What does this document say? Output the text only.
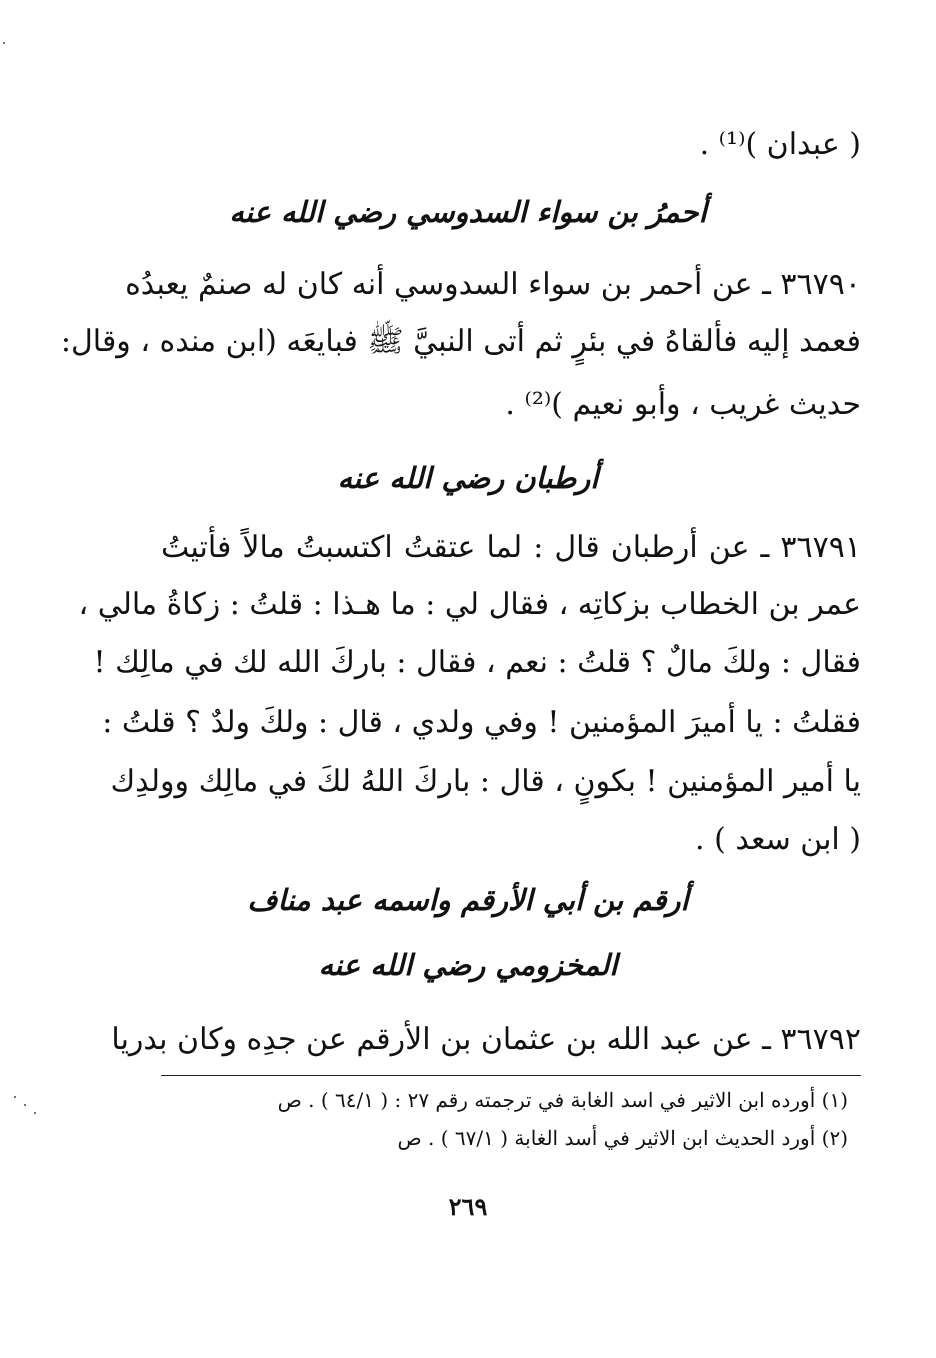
( عبدان )⁽¹⁾ .
أحمرُ بن سواء السدوسي رضي الله عنه
٣٦٧٩٠ ـ عن أحمر بن سواء السدوسي أنه كان له صنمٌ يعبدُه
فعمد إليه فألقاهُ في بئرٍ ثم أتى النبيَّ ﷺ فبايعَه (ابن منده ، وقال:
حديث غريب ، وأبو نعيم )⁽²⁾ .
أرطبان رضي الله عنه
٣٦٧٩١ ـ عن أرطبان قال : لما عتقتُ اكتسبتُ مالاً فأتيتُ
عمر بن الخطاب بزكاتِه ، فقال لي : ما هـذا : قلتُ : زكاةُ مالي ،
فقال : ولكَ مالٌ ؟ قلتُ : نعم ، فقال : باركَ الله لك في مالِك !
فقلتُ : يا أميرَ المؤمنين ! وفي ولدي ، قال : ولكَ ولدٌ ؟ قلتُ :
يا أمير المؤمنين ! بكونٍ ، قال : باركَ اللهُ لكَ في مالِك وولدِك
( ابن سعد ) .
أرقم بن أبي الأرقم واسمه عبد مناف
المخزومي رضي الله عنه
٣٦٧٩٢ ـ عن عبد الله بن عثمان بن الأرقم عن جدِه وكان بدريا
(١) أورده ابن الاثير في اسد الغابة في ترجمته رقم ٢٧ : ( ٦٤/١ ) . ص
(٢) أورد الحديث ابن الاثير في أسد الغابة ( ٦٧/١ ) . ص
٢٦٩
